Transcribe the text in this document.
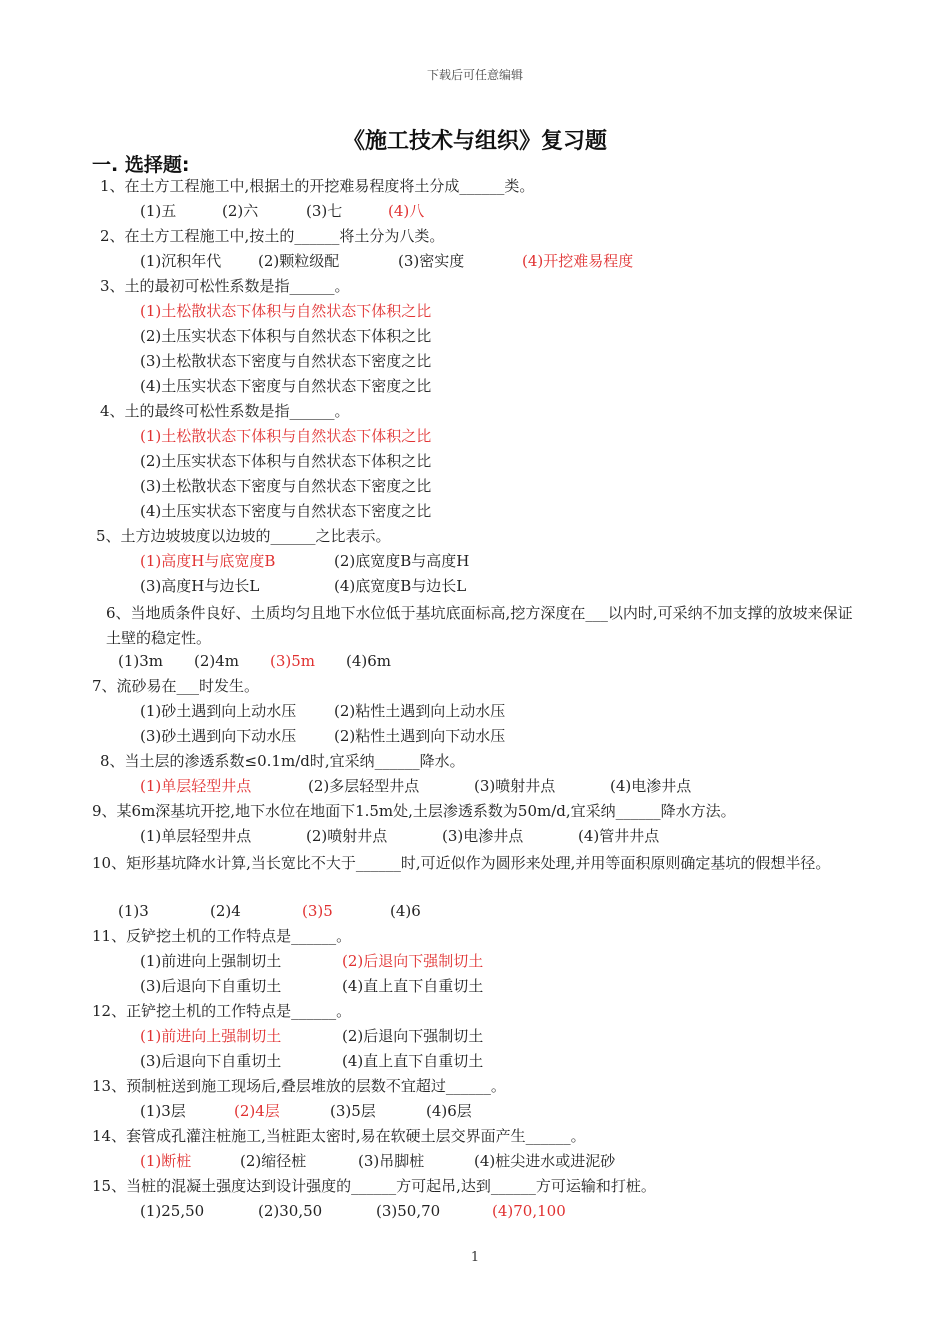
下载后可任意编辑
《施工技术与组织》复习题
一. 选择题:
1、在土方工程施工中,根据土的开挖难易程度将土分成______类。
(1)五	(2)六	(3)七	(4)八
2、在土方工程施工中,按土的______将土分为八类。
(1)沉积年代 (2)颗粒级配	(3)密实度	(4)开挖难易程度
3、土的最初可松性系数是指______。
(1)土松散状态下体积与自然状态下体积之比
(2)土压实状态下体积与自然状态下体积之比
(3)土松散状态下密度与自然状态下密度之比
(4)土压实状态下密度与自然状态下密度之比
4、土的最终可松性系数是指______。
(1)土松散状态下体积与自然状态下体积之比
(2)土压实状态下体积与自然状态下体积之比
(3)土松散状态下密度与自然状态下密度之比
(4)土压实状态下密度与自然状态下密度之比
5、土方边坡坡度以边坡的______之比表示。
(1)高度H与底宽度B	(2)底宽度B与高度H
(3)高度H与边长L	(4)底宽度B与边长L
6、当地质条件良好、土质均匀且地下水位低于基坑底面标高,挖方深度在___以内时,可采纳不加支撑的放坡来保证土壁的稳定性。
(1)3m (2)4m (3)5m (4)6m
7、流砂易在___时发生。
(1)砂土遇到向上动水压	(2)粘性土遇到向上动水压
(3)砂土遇到向下动水压	(2)粘性土遇到向下动水压
8、当土层的渗透系数≤0.1m/d时,宜采纳______降水。
(1)单层轻型井点	(2)多层轻型井点	(3)喷射井点	(4)电渗井点
9、某6m深基坑开挖,地下水位在地面下1.5m处,土层渗透系数为50m/d,宜采纳______降水方法。
(1)单层轻型井点	(2)喷射井点	(3)电渗井点	(4)管井井点
10、矩形基坑降水计算,当长宽比不大于______时,可近似作为圆形来处理,并用等面积原则确定基坑的假想半径。
(1)3	(2)4	(3)5	(4)6
11、反铲挖土机的工作特点是______。
(1)前进向上强制切土	(2)后退向下强制切土
(3)后退向下自重切土	(4)直上直下自重切土
12、正铲挖土机的工作特点是______。
(1)前进向上强制切土	(2)后退向下强制切土
(3)后退向下自重切土	(4)直上直下自重切土
13、预制桩送到施工现场后,叠层堆放的层数不宜超过______。
(1)3层	(2)4层	(3)5层	(4)6层
14、套管成孔灌注桩施工,当桩距太密时,易在软硬土层交界面产生______。
(1)断桩	(2)缩径桩	(3)吊脚桩	(4)桩尖进水或进泥砂
15、当桩的混凝土强度达到设计强度的______方可起吊,达到______方可运输和打桩。
(1)25,50	(2)30,50	(3)50,70	(4)70,100
1
